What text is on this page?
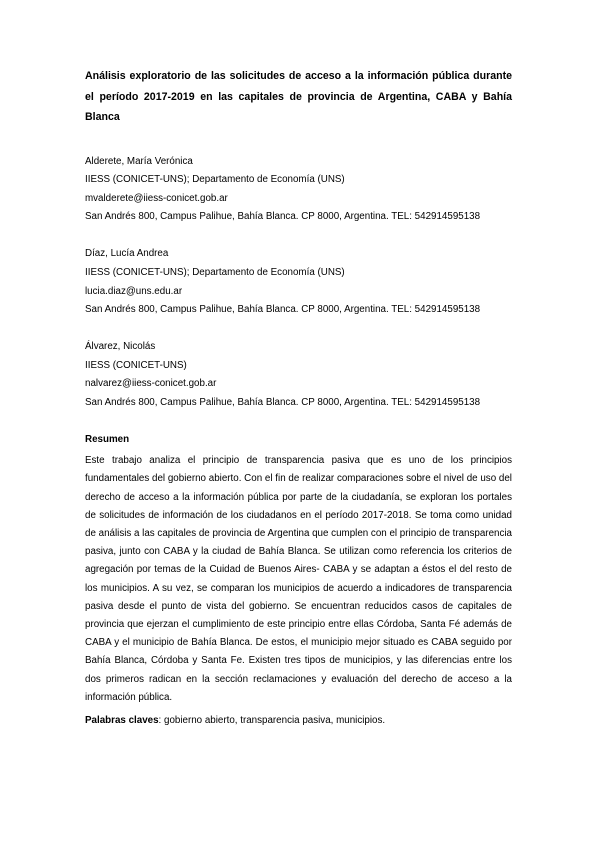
Análisis exploratorio de las solicitudes de acceso a la información pública durante el período 2017-2019 en las capitales de provincia de Argentina, CABA y Bahía Blanca
Alderete, María Verónica
IIESS (CONICET-UNS); Departamento de Economía (UNS)
mvalderete@iiess-conicet.gob.ar
San Andrés 800, Campus Palihue, Bahía Blanca. CP 8000, Argentina. TEL: 542914595138
Díaz, Lucía Andrea
IIESS (CONICET-UNS); Departamento de Economía (UNS)
lucia.diaz@uns.edu.ar
San Andrés 800, Campus Palihue, Bahía Blanca. CP 8000, Argentina. TEL: 542914595138
Álvarez, Nicolás
IIESS (CONICET-UNS)
nalvarez@iiess-conicet.gob.ar
San Andrés 800, Campus Palihue, Bahía Blanca. CP 8000, Argentina. TEL: 542914595138
Resumen

Este trabajo analiza el principio de transparencia pasiva que es uno de los principios fundamentales del gobierno abierto. Con el fin de realizar comparaciones sobre el nivel de uso del derecho de acceso a la información pública por parte de la ciudadanía, se exploran los portales de solicitudes de información de los ciudadanos en el período 2017-2018. Se toma como unidad de análisis a las capitales de provincia de Argentina que cumplen con el principio de transparencia pasiva, junto con CABA y la ciudad de Bahía Blanca. Se utilizan como referencia los criterios de agregación por temas de la Cuidad de Buenos Aires- CABA y se adaptan a éstos el del resto de los municipios. A su vez, se comparan los municipios de acuerdo a indicadores de transparencia pasiva desde el punto de vista del gobierno. Se encuentran reducidos casos de capitales de provincia que ejerzan el cumplimiento de este principio entre ellas Córdoba, Santa Fé además de CABA y el municipio de Bahía Blanca. De estos, el municipio mejor situado es CABA seguido por Bahía Blanca, Córdoba y Santa Fe. Existen tres tipos de municipios, y las diferencias entre los dos primeros radican en la sección reclamaciones y evaluación del derecho de acceso a la información pública.

Palabras claves: gobierno abierto, transparencia pasiva, municipios.
